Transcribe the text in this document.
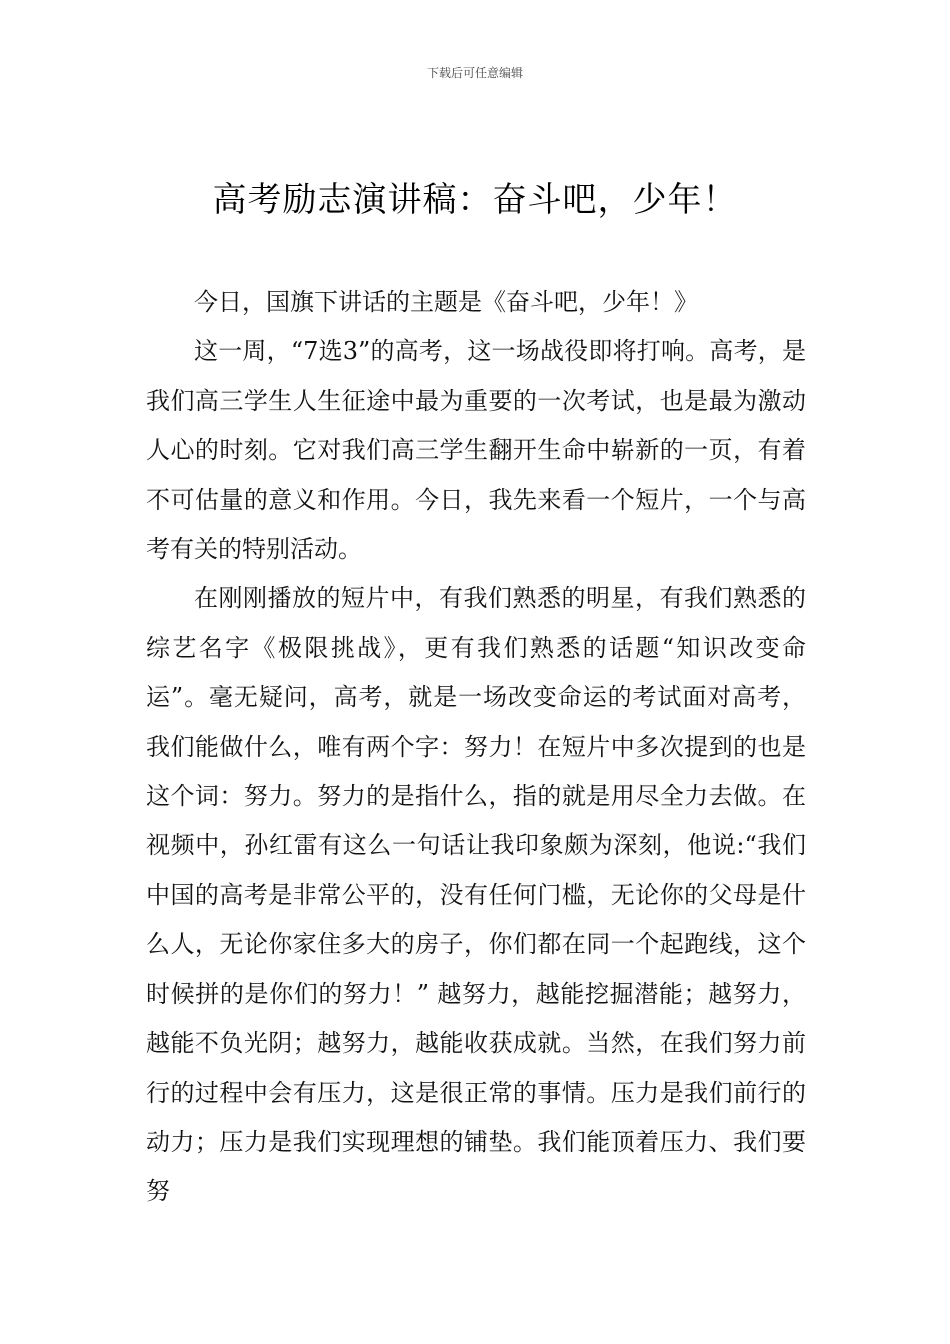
下载后可任意编辑
高考励志演讲稿：奋斗吧，少年！

今日，国旗下讲话的主题是《奋斗吧，少年！》

这一周，“7选3”的高考，这一场战役即将打响。高考，是我们高三学生人生征途中最为重要的一次考试，也是最为激动人心的时刻。它对我们高三学生翻开生命中崭新的一页，有着不可估量的意义和作用。今日，我先来看一个短片，一个与高考有关的特别活动。

在刚刚播放的短片中，有我们熟悉的明星，有我们熟悉的综艺名字《极限挑战》，更有我们熟悉的话题“知识改变命运”。毫无疑问，高考，就是一场改变命运的考试面对高考，我们能做什么，唯有两个字：努力！在短片中多次提到的也是这个词：努力。努力的是指什么，指的就是用尽全力去做。在视频中，孙红雷有这么一句话让我印象颇为深刻，他说:“我们中国的高考是非常公平的，没有任何门槛，无论你的父母是什么人，无论你家住多大的房子，你们都在同一个起跑线，这个时候拼的是你们的努力！” 越努力，越能挖掘潜能；越努力，越能不负光阴；越努力，越能收获成就。当然，在我们努力前行的过程中会有压力，这是很正常的事情。压力是我们前行的动力；压力是我们实现理想的铺垫。我们能顶着压力、我们要努
